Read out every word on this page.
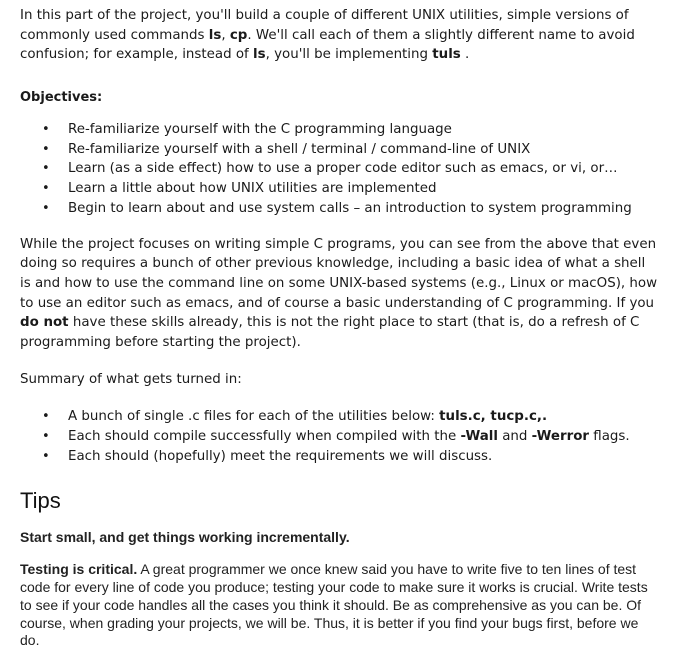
In this part of the project, you'll build a couple of different UNIX utilities, simple versions of commonly used commands ls, cp. We'll call each of them a slightly different name to avoid confusion; for example, instead of ls, you'll be implementing tuls .

Objectives:

• Re-familiarize yourself with the C programming language
• Re-familiarize yourself with a shell / terminal / command-line of UNIX
• Learn (as a side effect) how to use a proper code editor such as emacs, or vi, or…
• Learn a little about how UNIX utilities are implemented
• Begin to learn about and use system calls – an introduction to system programming

While the project focuses on writing simple C programs, you can see from the above that even doing so requires a bunch of other previous knowledge, including a basic idea of what a shell is and how to use the command line on some UNIX-based systems (e.g., Linux or macOS), how to use an editor such as emacs, and of course a basic understanding of C programming. If you do not have these skills already, this is not the right place to start (that is, do a refresh of C programming before starting the project).

Summary of what gets turned in:

• A bunch of single .c files for each of the utilities below: tuls.c, tucp.c,.
• Each should compile successfully when compiled with the -Wall and -Werror flags.
• Each should (hopefully) meet the requirements we will discuss.
Tips

Start small, and get things working incrementally.

Testing is critical. A great programmer we once knew said you have to write five to ten lines of test code for every line of code you produce; testing your code to make sure it works is crucial. Write tests to see if your code handles all the cases you think it should. Be as comprehensive as you can be. Of course, when grading your projects, we will be. Thus, it is better if you find your bugs first, before we do.
